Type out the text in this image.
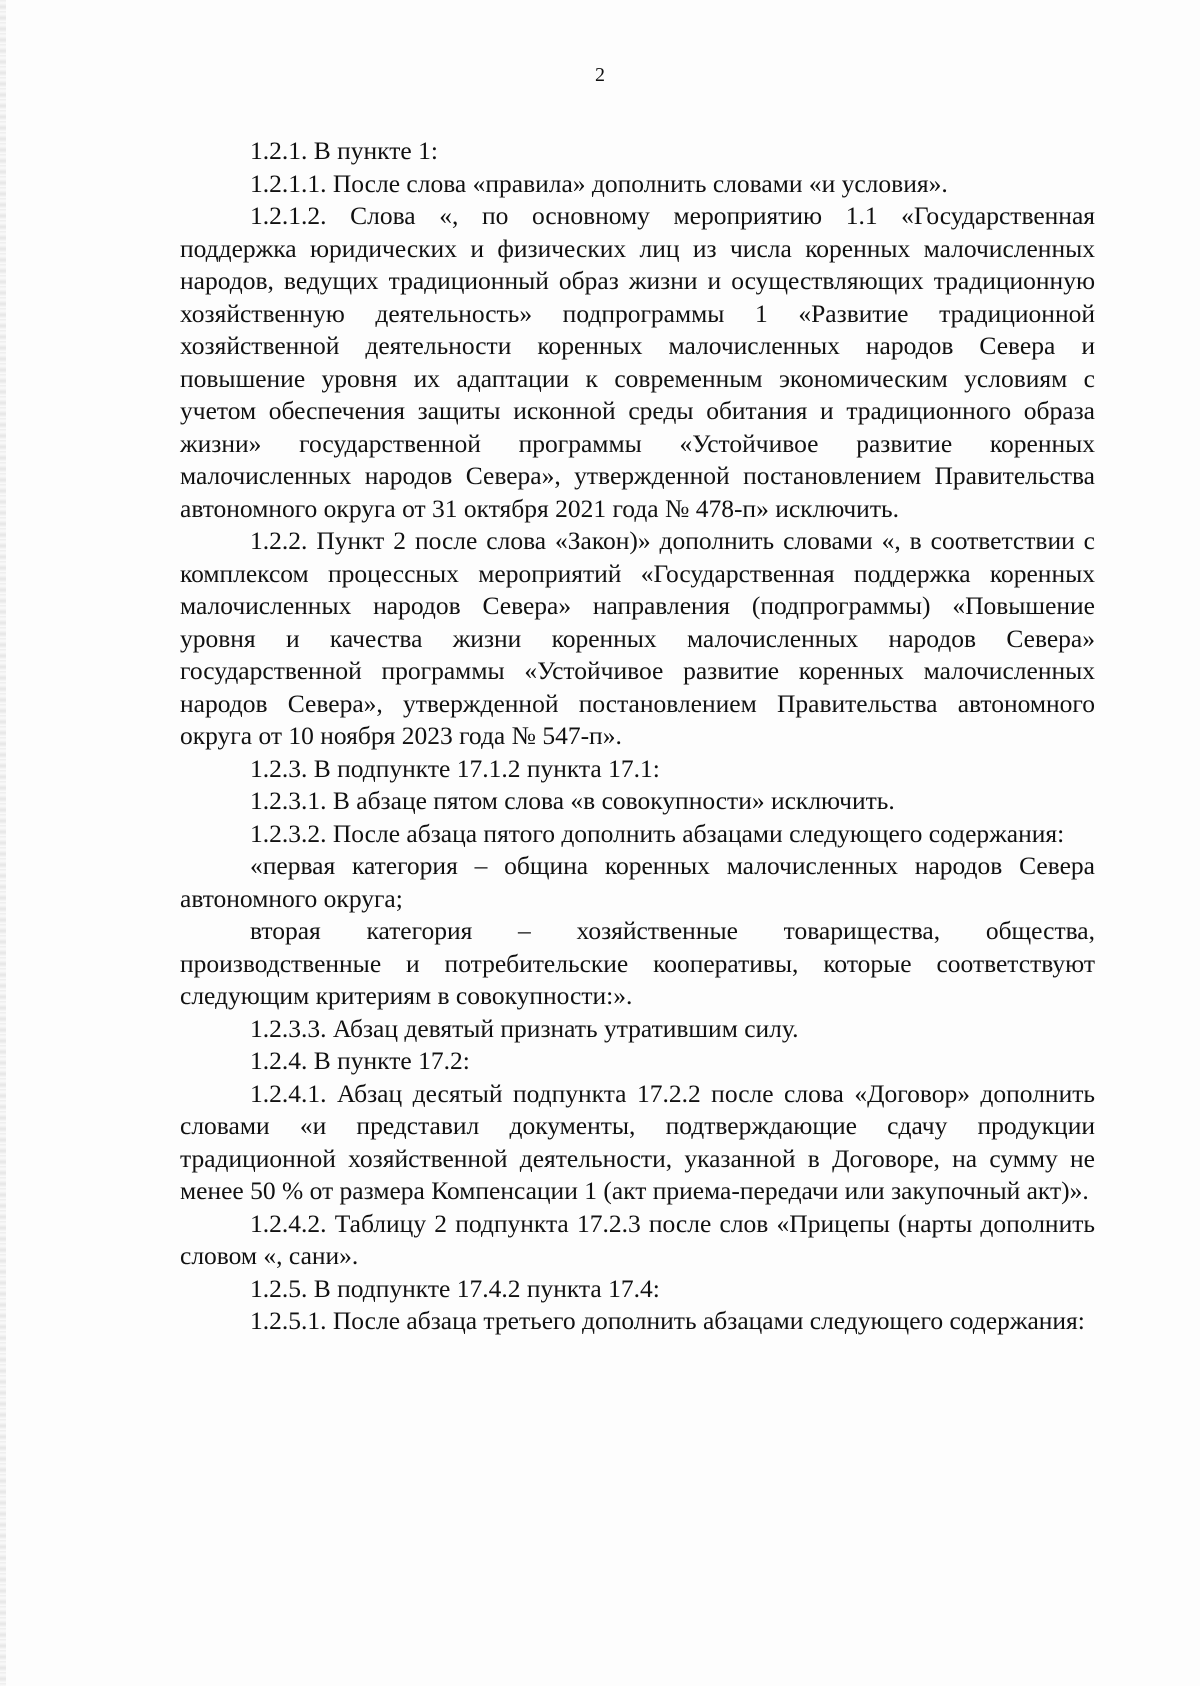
2

1.2.1. В пункте 1:

1.2.1.1. После слова «правила» дополнить словами «и условия».

1.2.1.2. Слова «, по основному мероприятию 1.1 «Государственная поддержка юридических и физических лиц из числа коренных малочисленных народов, ведущих традиционный образ жизни и осуществляющих традиционную хозяйственную деятельность» подпрограммы 1 «Развитие традиционной хозяйственной деятельности коренных малочисленных народов Севера и повышение уровня их адаптации к современным экономическим условиям с учетом обеспечения защиты исконной среды обитания и традиционного образа жизни» государственной программы «Устойчивое развитие коренных малочисленных народов Севера», утвержденной постановлением Правительства автономного округа от 31 октября 2021 года № 478-п» исключить.

1.2.2. Пункт 2 после слова «Закон)» дополнить словами «, в соответствии с комплексом процессных мероприятий «Государственная поддержка коренных малочисленных народов Севера» направления (подпрограммы) «Повышение уровня и качества жизни коренных малочисленных народов Севера» государственной программы «Устойчивое развитие коренных малочисленных народов Севера», утвержденной постановлением Правительства автономного округа от 10 ноября 2023 года № 547-п».

1.2.3. В подпункте 17.1.2 пункта 17.1:

1.2.3.1. В абзаце пятом слова «в совокупности» исключить.

1.2.3.2. После абзаца пятого дополнить абзацами следующего содержания:

«первая категория – община коренных малочисленных народов Севера автономного округа;

вторая категория – хозяйственные товарищества, общества, производственные и потребительские кооперативы, которые соответствуют следующим критериям в совокупности:».

1.2.3.3. Абзац девятый признать утратившим силу.

1.2.4. В пункте 17.2:

1.2.4.1. Абзац десятый подпункта 17.2.2 после слова «Договор» дополнить словами «и представил документы, подтверждающие сдачу продукции традиционной хозяйственной деятельности, указанной в Договоре, на сумму не менее 50 % от размера Компенсации 1 (акт приема-передачи или закупочный акт)».

1.2.4.2. Таблицу 2 подпункта 17.2.3 после слов «Прицепы (нарты дополнить словом «, сани».

1.2.5. В подпункте 17.4.2 пункта 17.4:

1.2.5.1. После абзаца третьего дополнить абзацами следующего содержания:
